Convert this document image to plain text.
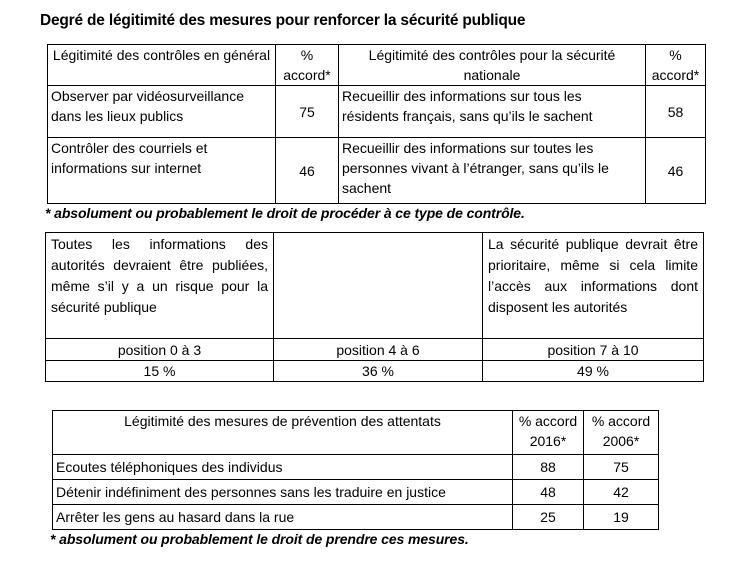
Degré de légitimité des mesures pour renforcer la sécurité publique
Légitimité des contrôles en général	% accord*	Légitimité des contrôles pour la sécurité nationale	% accord*
Observer par vidéosurveillance dans les lieux publics	75	Recueillir des informations sur tous les résidents français, sans qu’ils le sachent	58
Contrôler des courriels et informations sur internet	46	Recueillir des informations sur toutes les personnes vivant à l’étranger, sans qu’ils le sachent	46
* absolument ou probablement le droit de procéder à ce type de contrôle.
Toutes les informations des autorités devraient être publiées, même s’il y a un risque pour la sécurité publique		La sécurité publique devrait être prioritaire, même si cela limite l’accès aux informations dont disposent les autorités
position 0 à 3	position 4 à 6	position 7 à 10
15 %	36 %	49 %
Légitimité des mesures de prévention des attentats	% accord 2016*	% accord 2006*
Ecoutes téléphoniques des individus	88	75
Détenir indéfiniment des personnes sans les traduire en justice	48	42
Arrêter les gens au hasard dans la rue	25	19
* absolument ou probablement le droit de prendre ces mesures.
